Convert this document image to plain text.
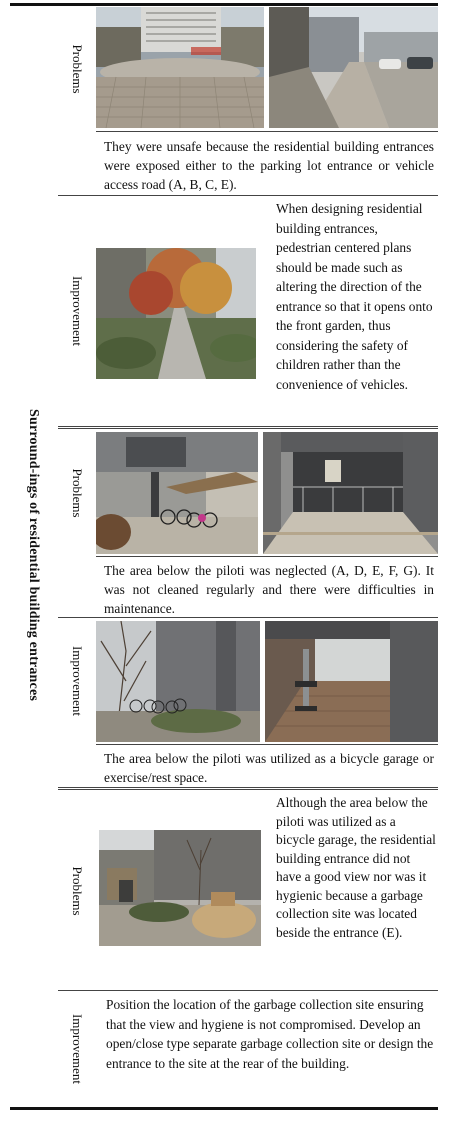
Surround-ings of residential building entrances
Problems
They were unsafe because the residential building entrances were exposed either to the parking lot entrance or vehicle access road (A, B, C, E).
Improvement
When designing residential building entrances, pedestrian centered plans should be made such as altering the direction of the entrance so that it opens onto the front garden, thus considering the safety of children rather than the convenience of vehicles.
Problems
The area below the piloti was neglected (A, D, E, F, G). It was not cleaned regularly and there were difficulties in maintenance.
Improvement
The area below the piloti was utilized as a bicycle garage or exercise/rest space.
Problems
Although the area below the piloti was utilized as a bicycle garage, the residential building entrance did not have a good view nor was it hygienic because a garbage collection site was located beside the entrance (E).
Improvement
Position the location of the garbage collection site ensuring that the view and hygiene is not compromised. Develop an open/close type separate garbage collection site or design the entrance to the site at the rear of the building.
